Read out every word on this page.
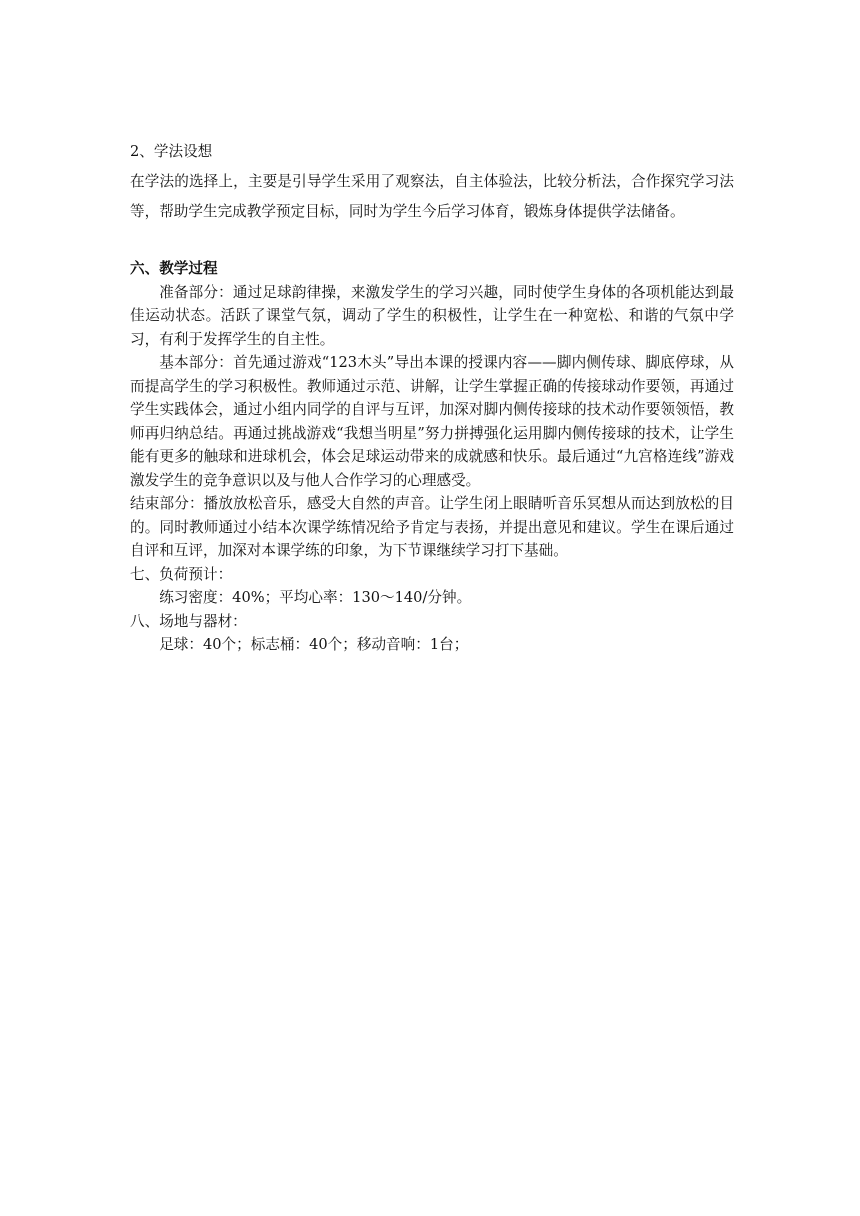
2、学法设想

在学法的选择上，主要是引导学生采用了观察法，自主体验法，比较分析法，合作探究学习法等，帮助学生完成教学预定目标，同时为学生今后学习体育，锻炼身体提供学法储备。

六、教学过程

准备部分：通过足球韵律操，来激发学生的学习兴趣，同时使学生身体的各项机能达到最佳运动状态。活跃了课堂气氛，调动了学生的积极性，让学生在一种宽松、和谐的气氛中学习，有利于发挥学生的自主性。

基本部分：首先通过游戏“123木头”导出本课的授课内容——脚内侧传球、脚底停球，从而提高学生的学习积极性。教师通过示范、讲解，让学生掌握正确的传接球动作要领，再通过学生实践体会，通过小组内同学的自评与互评，加深对脚内侧传接球的技术动作要领领悟，教师再归纳总结。再通过挑战游戏“我想当明星”努力拼搏强化运用脚内侧传接球的技术，让学生能有更多的触球和进球机会，体会足球运动带来的成就感和快乐。最后通过“九宫格连线”游戏激发学生的竞争意识以及与他人合作学习的心理感受。

结束部分：播放放松音乐，感受大自然的声音。让学生闭上眼睛听音乐冥想从而达到放松的目的。同时教师通过小结本次课学练情况给予肯定与表扬，并提出意见和建议。学生在课后通过自评和互评，加深对本课学练的印象，为下节课继续学习打下基础。

七、负荷预计：

练习密度：40%；平均心率：130～140/分钟。

八、场地与器材：

足球：40个；标志桶：40个；移动音响：1台；
